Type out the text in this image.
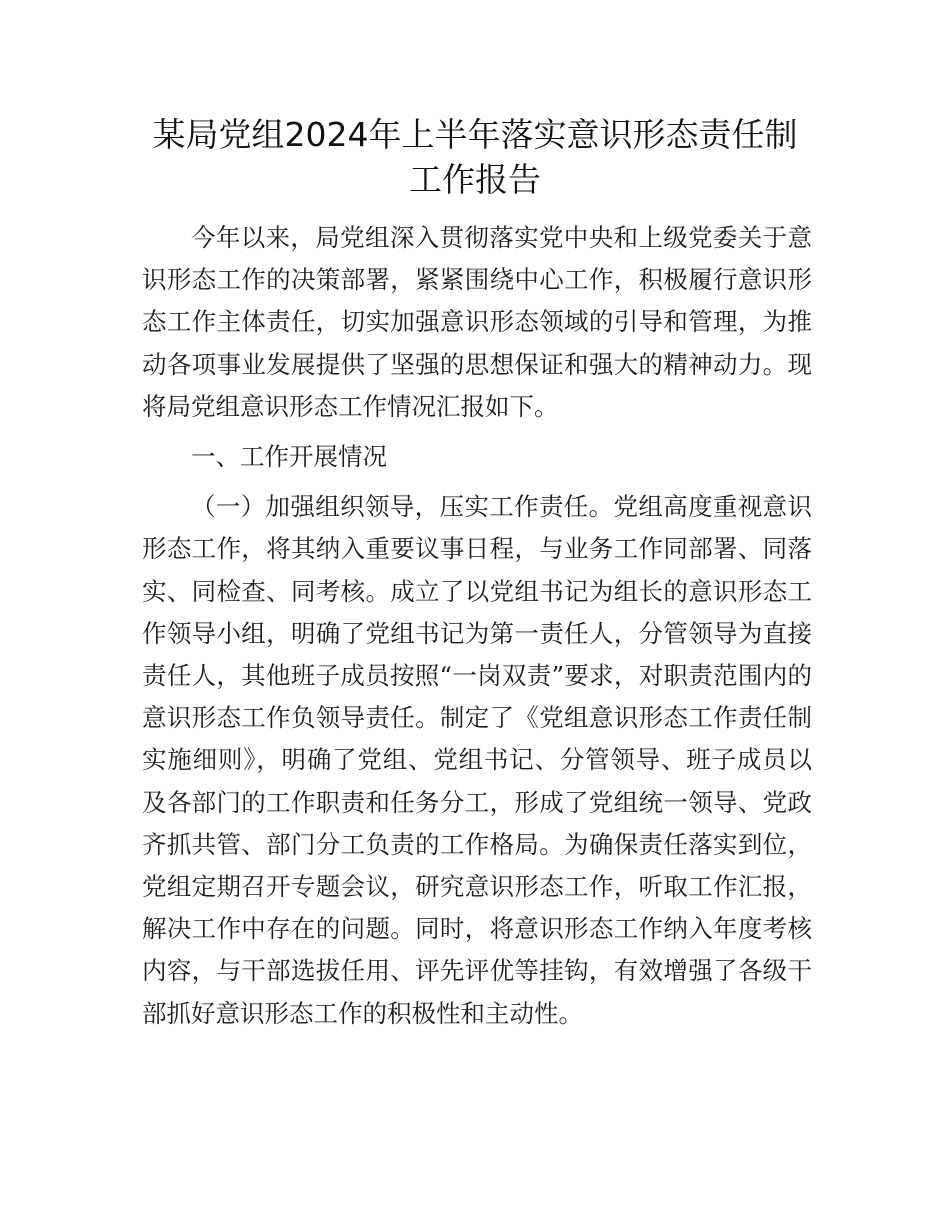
某局党组2024年上半年落实意识形态责任制工作报告

今年以来，局党组深入贯彻落实党中央和上级党委关于意识形态工作的决策部署，紧紧围绕中心工作，积极履行意识形态工作主体责任，切实加强意识形态领域的引导和管理，为推动各项事业发展提供了坚强的思想保证和强大的精神动力。现将局党组意识形态工作情况汇报如下。

一、工作开展情况

（一）加强组织领导，压实工作责任。党组高度重视意识形态工作，将其纳入重要议事日程，与业务工作同部署、同落实、同检查、同考核。成立了以党组书记为组长的意识形态工作领导小组，明确了党组书记为第一责任人，分管领导为直接责任人，其他班子成员按照“一岗双责”要求，对职责范围内的意识形态工作负领导责任。制定了《党组意识形态工作责任制实施细则》，明确了党组、党组书记、分管领导、班子成员以及各部门的工作职责和任务分工，形成了党组统一领导、党政齐抓共管、部门分工负责的工作格局。为确保责任落实到位，党组定期召开专题会议，研究意识形态工作，听取工作汇报，解决工作中存在的问题。同时，将意识形态工作纳入年度考核内容，与干部选拔任用、评先评优等挂钩，有效增强了各级干部抓好意识形态工作的积极性和主动性。
